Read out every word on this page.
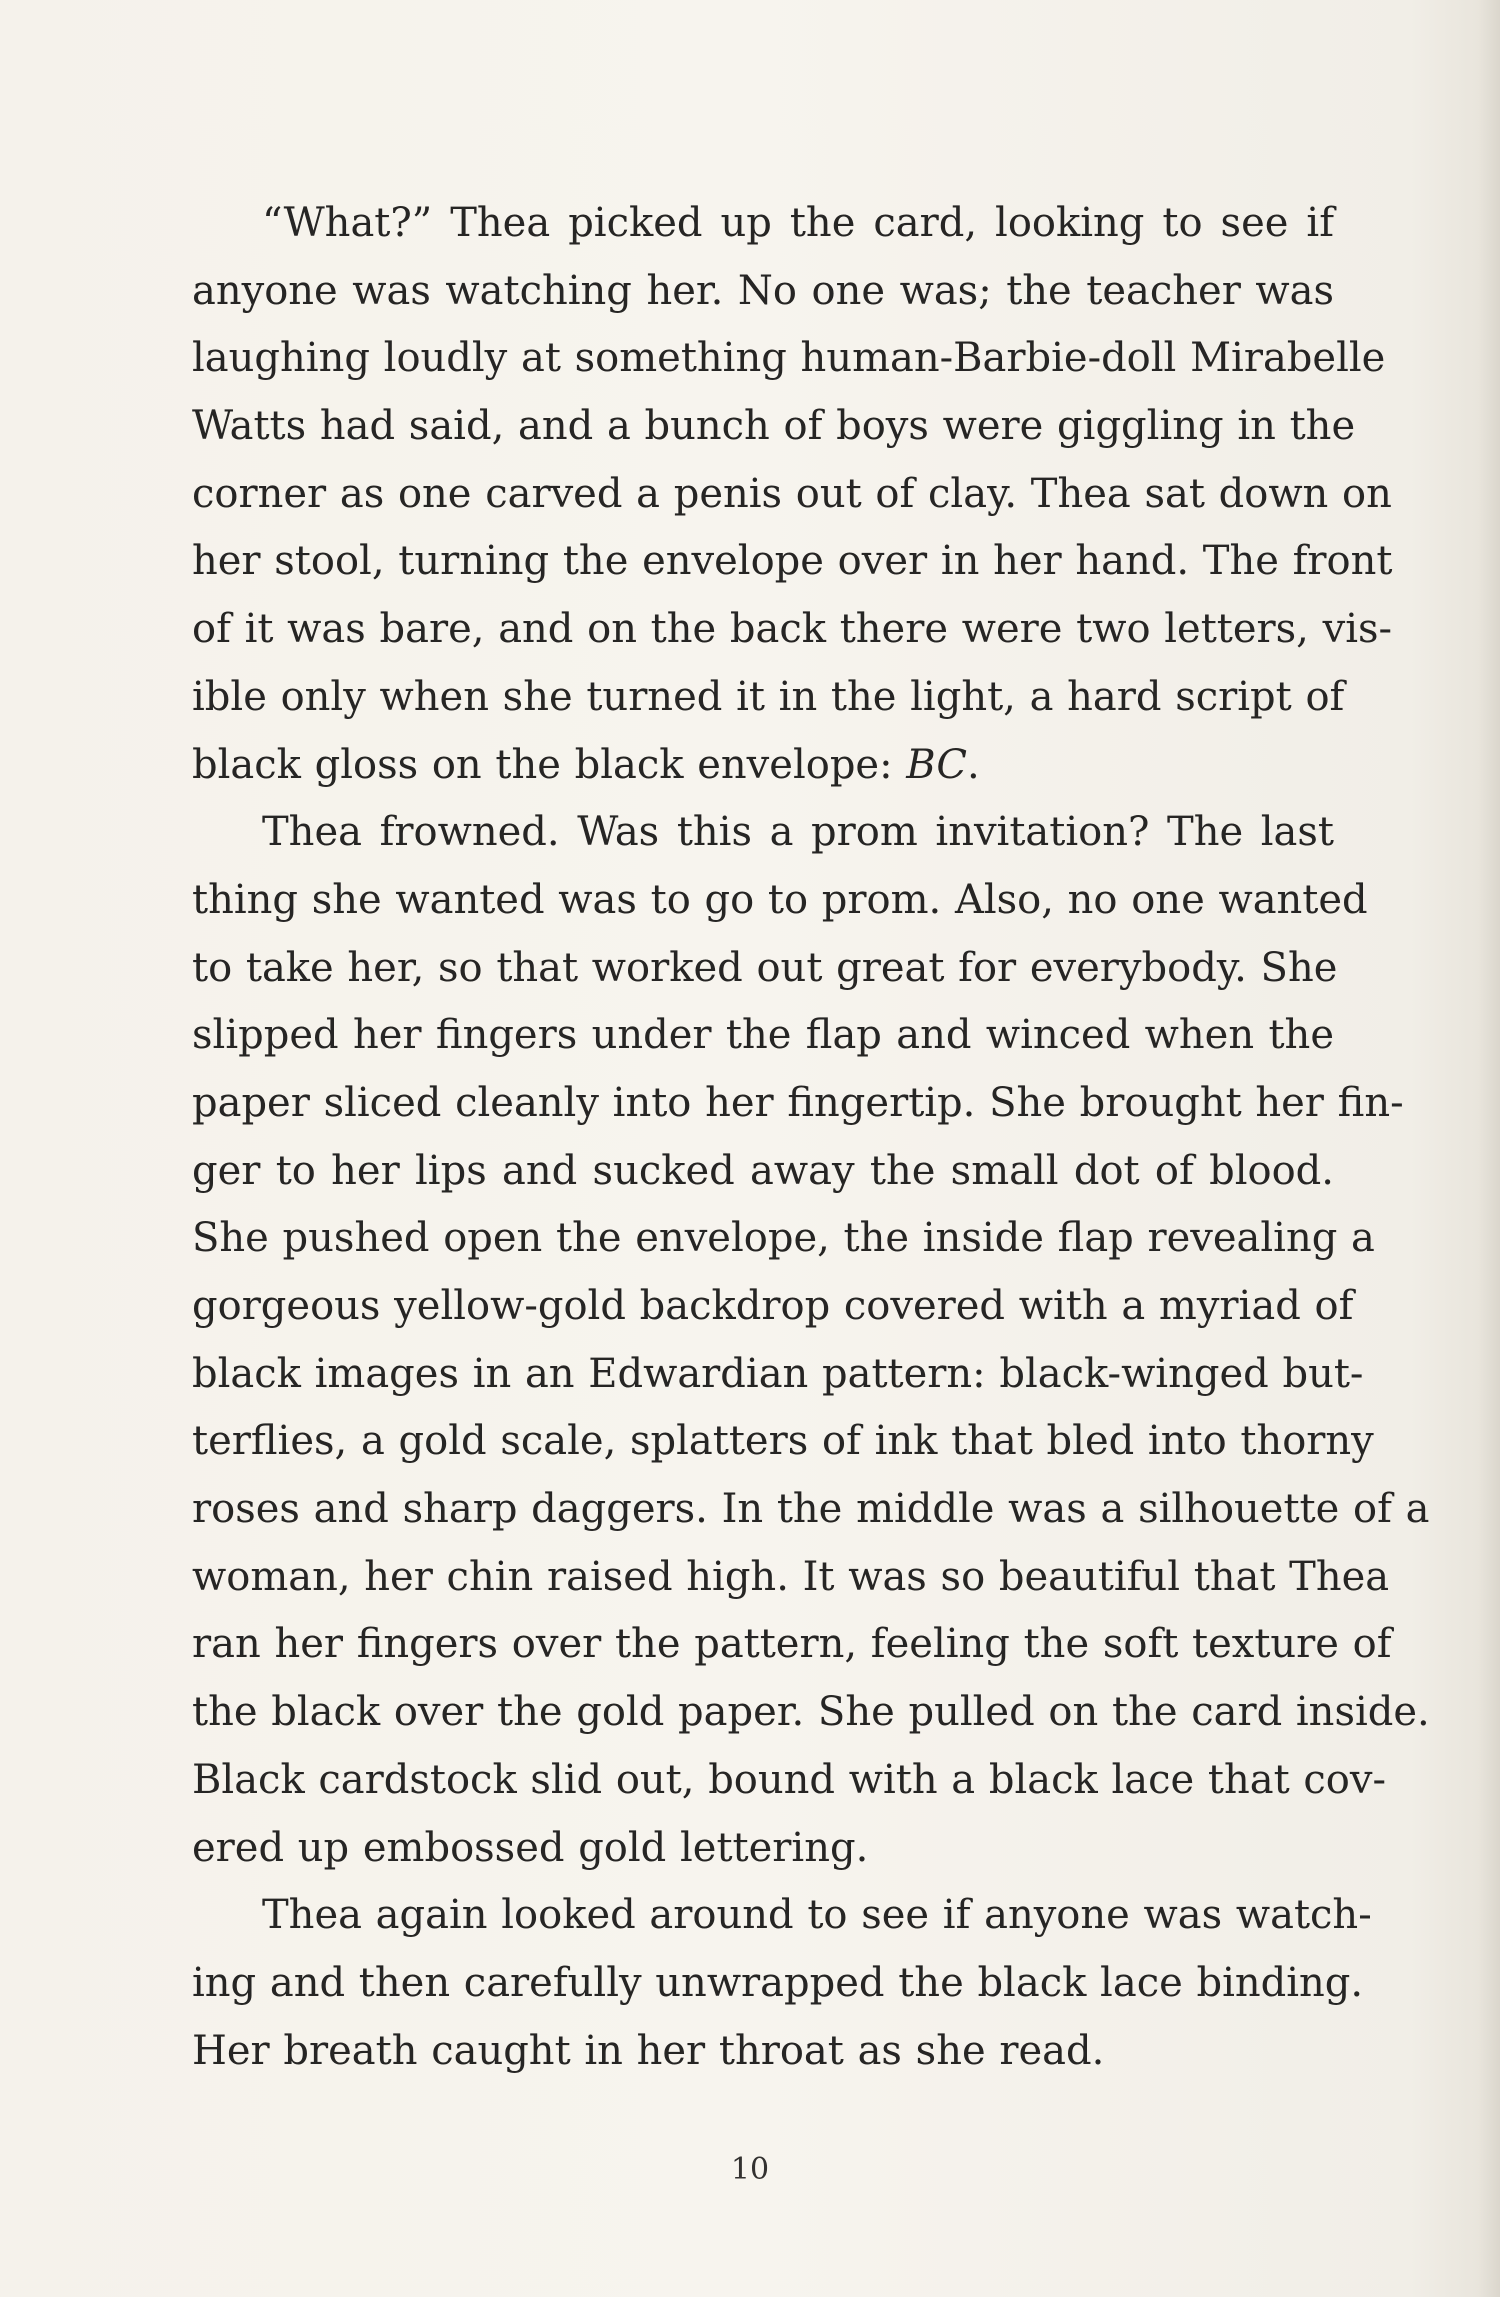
“What?” Thea picked up the card, looking to see if
anyone was watching her. No one was; the teacher was
laughing loudly at something human-Barbie-doll Mirabelle
Watts had said, and a bunch of boys were giggling in the
corner as one carved a penis out of clay. Thea sat down on
her stool, turning the envelope over in her hand. The front
of it was bare, and on the back there were two letters, vis-
ible only when she turned it in the light, a hard script of
black gloss on the black envelope: BC.
Thea frowned. Was this a prom invitation? The last
thing she wanted was to go to prom. Also, no one wanted
to take her, so that worked out great for everybody. She
slipped her fingers under the flap and winced when the
paper sliced cleanly into her fingertip. She brought her fin-
ger to her lips and sucked away the small dot of blood.
She pushed open the envelope, the inside flap revealing a
gorgeous yellow-gold backdrop covered with a myriad of
black images in an Edwardian pattern: black-winged but-
terflies, a gold scale, splatters of ink that bled into thorny
roses and sharp daggers. In the middle was a silhouette of a
woman, her chin raised high. It was so beautiful that Thea
ran her fingers over the pattern, feeling the soft texture of
the black over the gold paper. She pulled on the card inside.
Black cardstock slid out, bound with a black lace that cov-
ered up embossed gold lettering.
Thea again looked around to see if anyone was watch-
ing and then carefully unwrapped the black lace binding.
Her breath caught in her throat as she read.
10
